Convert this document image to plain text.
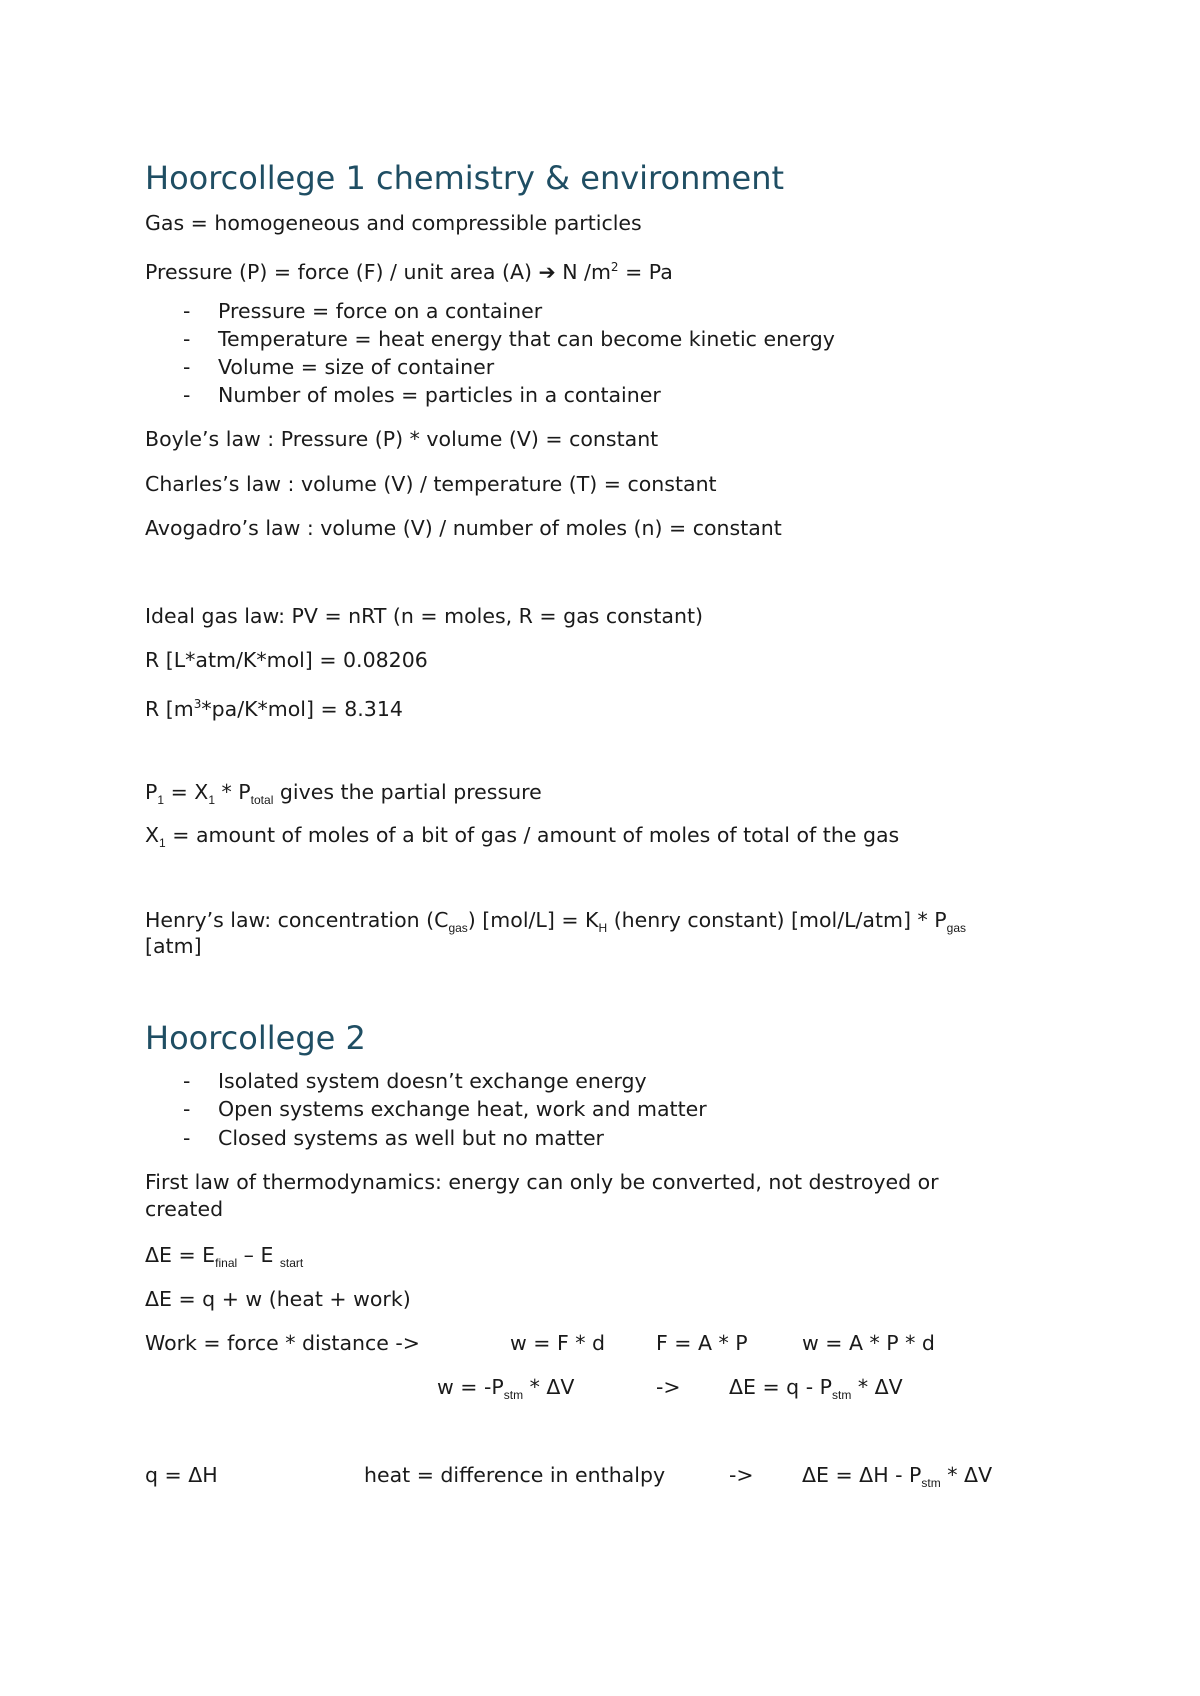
Hoorcollege 1 chemistry & environment
Gas = homogeneous and compressible particles
Pressure (P) = force (F) / unit area (A) ➔ N $/m^2 = Pa$
- Pressure = force on a container
- Temperature = heat energy that can become kinetic energy
- Volume = size of container
- Number of moles = particles in a container
Boyle’s law : Pressure (P) * volume (V) = constant
Charles’s law : volume (V) / temperature (T) = constant
Avogadro’s law : volume (V) / number of moles (n) = constant
Ideal gas law: PV = nRT (n = moles, R = gas constant)
R [L*atm/K*mol] = 0.08206
R $[m^3*pa/K*mol] = 8.314$
$P_1 = X_1 * P_{total}$ gives the partial pressure
$X_1$ = amount of moles of a bit of gas / amount of moles of total of the gas
Henry’s law: concentration $(C_{gas}) [mol/L] = K_H$ (henry constant) $[mol/L/atm] * P_{gas}$
[atm]
Hoorcollege 2
- Isolated system doesn’t exchange energy
- Open systems exchange heat, work and matter
- Closed systems as well but no matter
First law of thermodynamics: energy can only be converted, not destroyed or
created
$\Delta E = E_{final} - E$ $_{start}$
ΔE = q + w (heat + work)
Work = force * distance ->	w = F * d F = A * P	w = A * P * d
$w = -P_{stm} * \Delta V$	-> $\Delta E = q - P_{stm} * \Delta V$
q = ΔH	heat = difference in enthalpy	-> $\Delta E = \Delta H - P_{stm} * \Delta V$
